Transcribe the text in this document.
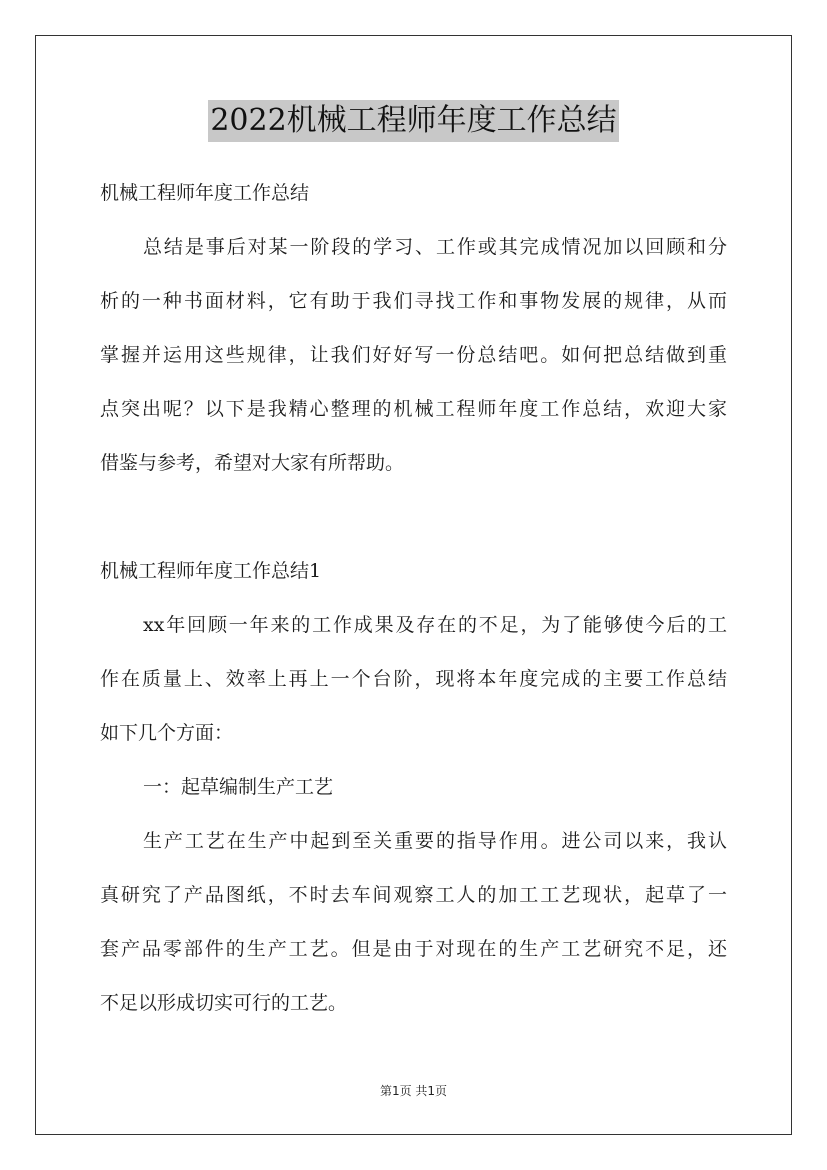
2022机械工程师年度工作总结
机械工程师年度工作总结
总结是事后对某一阶段的学习、工作或其完成情况加以回顾和分
析的一种书面材料，它有助于我们寻找工作和事物发展的规律，从而
掌握并运用这些规律，让我们好好写一份总结吧。如何把总结做到重
点突出呢？以下是我精心整理的机械工程师年度工作总结，欢迎大家
借鉴与参考，希望对大家有所帮助。
机械工程师年度工作总结1
xx年回顾一年来的工作成果及存在的不足，为了能够使今后的工
作在质量上、效率上再上一个台阶，现将本年度完成的主要工作总结
如下几个方面：
一：起草编制生产工艺
生产工艺在生产中起到至关重要的指导作用。进公司以来，我认
真研究了产品图纸，不时去车间观察工人的加工工艺现状，起草了一
套产品零部件的生产工艺。但是由于对现在的生产工艺研究不足，还
不足以形成切实可行的工艺。
第1页 共1页
